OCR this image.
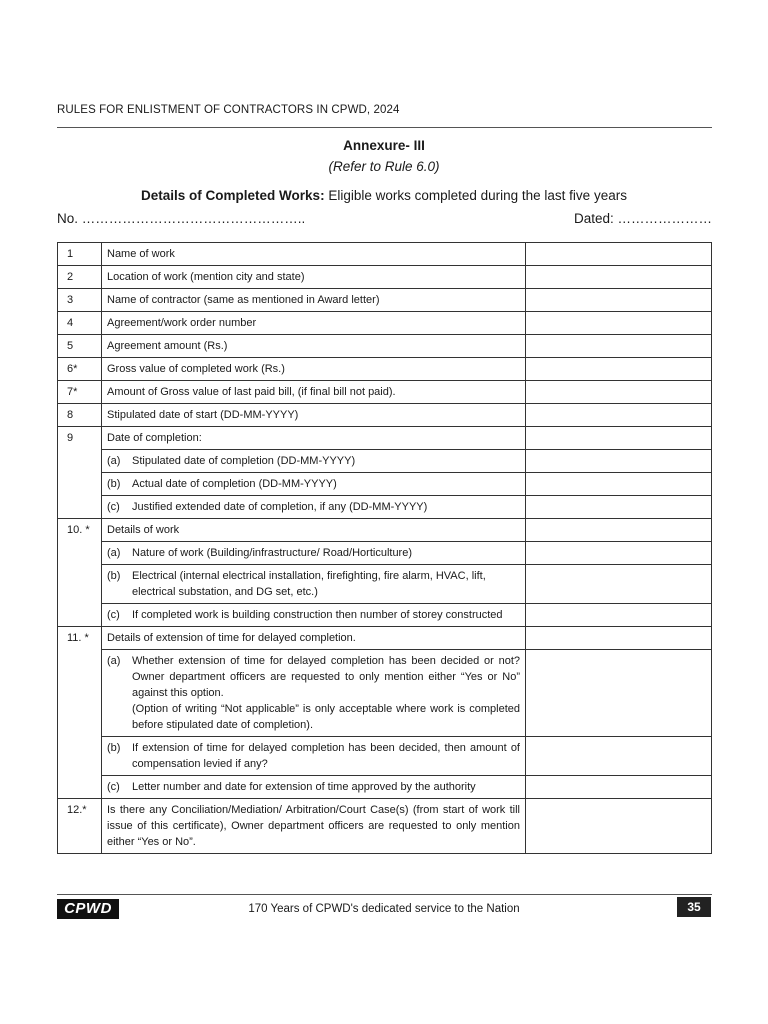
RULES FOR ENLISTMENT OF CONTRACTORS IN CPWD, 2024
Annexure- III
(Refer to Rule 6.0)
Details of Completed Works: Eligible works completed during the last five years
No. …………………………………………..	Dated: …………………
1	Name of work	
2	Location of work (mention city and state)	
3	Name of contractor (same as mentioned in Award letter)	
4	Agreement/work order number	
5	Agreement amount (Rs.)	
6*	Gross value of completed work (Rs.)	
7*	Amount of Gross value of last paid bill, (if final bill not paid).	
8	Stipulated date of start (DD-MM-YYYY)	
9	Date of completion:	

	(a) Stipulated date of completion (DD-MM-YYYY)	

	(b) Actual date of completion (DD-MM-YYYY)	

	(c) Justified extended date of completion, if any (DD-MM-YYYY)	

10. *	Details of work	

	(a) Nature of work (Building/infrastructure/ Road/Horticulture)	

	(b) Electrical (internal electrical installation, firefighting, fire alarm, HVAC, lift, electrical substation, and DG set, etc.)	

	(c) If completed work is building construction then number of storey constructed	

11. *	Details of extension of time for delayed completion.	

	(a) Whether extension of time for delayed completion has been decided or not? Owner department officers are requested to only mention either “Yes or No” against this option.
(Option of writing “Not applicable” is only acceptable where work is completed before stipulated date of completion).	

	(b) If extension of time for delayed completion has been decided, then amount of compensation levied if any?	

	(c) Letter number and date for extension of time approved by the authority	

12.*	Is there any Conciliation/Mediation/ Arbitration/Court Case(s) (from start of work till issue of this certificate), Owner department officers are requested to only mention either “Yes or No”.	
CPWD	170 Years of CPWD's dedicated service to the Nation	35
